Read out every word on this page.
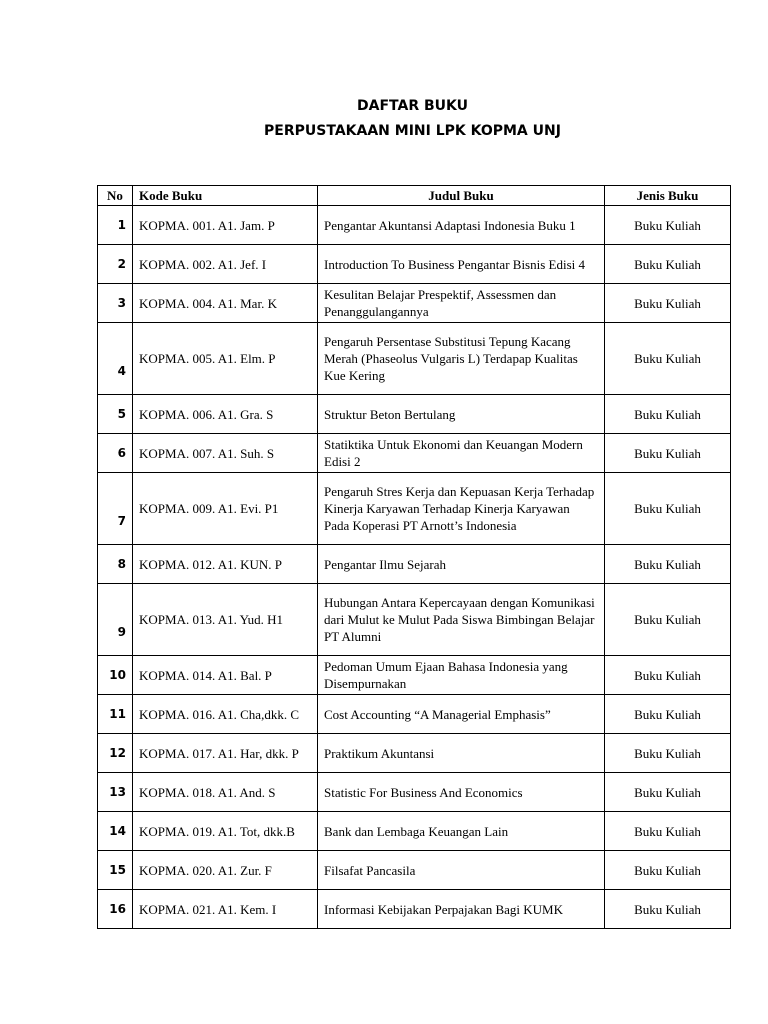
DAFTAR BUKU
PERPUSTAKAAN MINI LPK KOPMA UNJ
No	Kode Buku	Judul Buku	Jenis Buku
1	KOPMA. 001. A1. Jam. P	Pengantar Akuntansi Adaptasi Indonesia Buku 1	Buku Kuliah
2	KOPMA. 002. A1. Jef. I	Introduction To Business Pengantar Bisnis Edisi 4	Buku Kuliah
3	KOPMA. 004. A1. Mar. K	Kesulitan Belajar Prespektif, Assessmen dan Penanggulangannya	Buku Kuliah
4	KOPMA. 005. A1. Elm. P	Pengaruh Persentase Substitusi Tepung Kacang Merah (Phaseolus Vulgaris L) Terdapap Kualitas Kue Kering	Buku Kuliah
5	KOPMA. 006. A1. Gra. S	Struktur Beton Bertulang	Buku Kuliah
6	KOPMA. 007. A1. Suh. S	Statiktika Untuk Ekonomi dan Keuangan Modern Edisi 2	Buku Kuliah
7	KOPMA. 009. A1. Evi. P1	Pengaruh Stres Kerja dan Kepuasan Kerja Terhadap Kinerja Karyawan Terhadap Kinerja Karyawan Pada Koperasi PT Arnott’s Indonesia	Buku Kuliah
8	KOPMA. 012. A1. KUN. P	Pengantar Ilmu Sejarah	Buku Kuliah
9	KOPMA. 013. A1. Yud. H1	Hubungan Antara Kepercayaan dengan Komunikasi dari Mulut ke Mulut Pada Siswa Bimbingan Belajar PT Alumni	Buku Kuliah
10	KOPMA. 014. A1. Bal. P	Pedoman Umum Ejaan Bahasa Indonesia yang Disempurnakan	Buku Kuliah
11	KOPMA. 016. A1. Cha,dkk. C	Cost Accounting “A Managerial Emphasis”	Buku Kuliah
12	KOPMA. 017. A1. Har, dkk. P	Praktikum Akuntansi	Buku Kuliah
13	KOPMA. 018. A1. And. S	Statistic For Business And Economics	Buku Kuliah
14	KOPMA. 019. A1. Tot, dkk.B	Bank dan Lembaga Keuangan Lain	Buku Kuliah
15	KOPMA. 020. A1. Zur. F	Filsafat Pancasila	Buku Kuliah
16	KOPMA. 021. A1. Kem. I	Informasi Kebijakan Perpajakan Bagi KUMK	Buku Kuliah
